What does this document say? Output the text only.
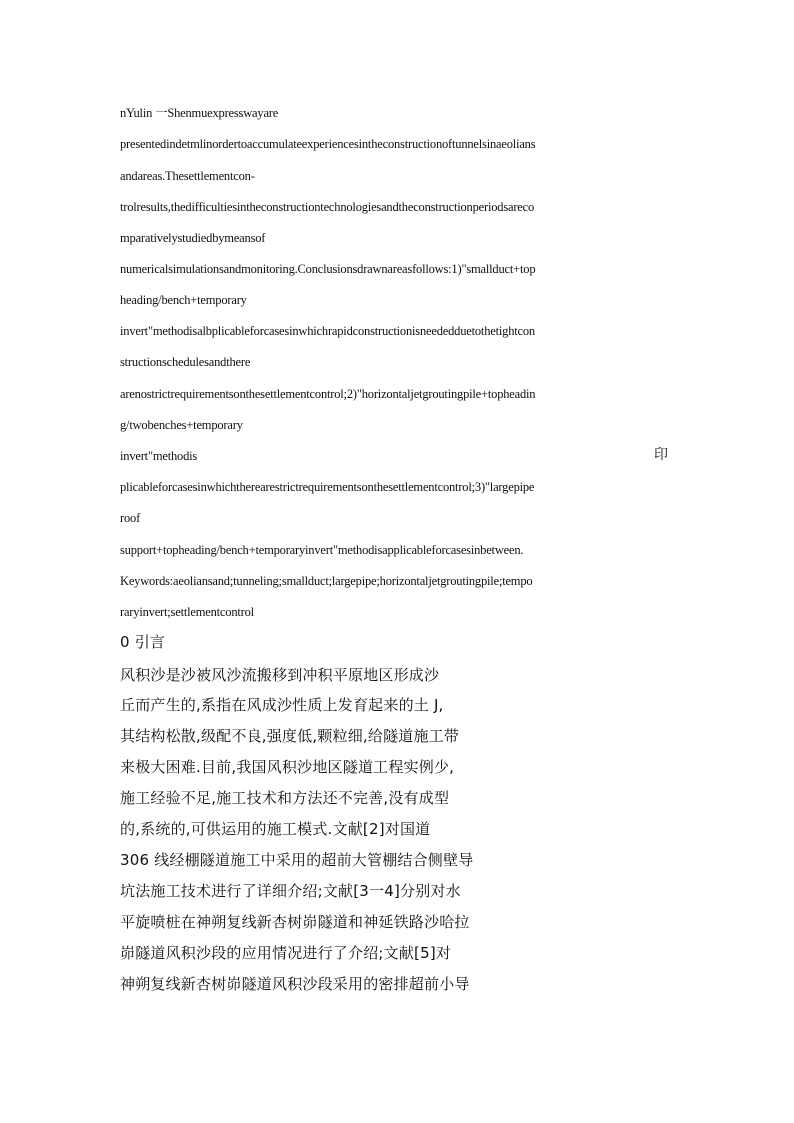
nYulin 一Shenmuexpresswayare
presentedindetmlinordertoaccumulateexperiencesintheconstructionoftunnelsinaeolians
andareas.Thesettlementcon-
trolresults,thedifficultiesintheconstructiontechnologiesandtheconstructionperiodsareco
mparativelystudiedbymeansof
numericalsimulationsandmonitoring.Conclusionsdrawnareasfollows:1)"smallduct+top
heading/bench+temporary
invert"methodisalbplicableforcasesinwhichrapidconstructionisneededduetothetightcon
structionschedulesandthere
arenostrictrequirementsonthesettlementcontrol;2)"horizontaljetgroutingpile+topheadin
g/twobenches+temporary
invert"methodis	印
plicableforcasesinwhichtherearestrictrequirementsonthesettlementcontrol;3)"largepipe
roof
support+topheading/bench+temporaryinvert"methodisapplicableforcasesinbetween.
Keywords:aeoliansand;tunneling;smallduct;largepipe;horizontaljetgroutingpile;tempo
raryinvert;settlementcontrol
0 引言
风积沙是沙被风沙流搬移到冲积平原地区形成沙
丘而产生的,系指在风成沙性质上发育起来的土 J,
其结构松散,级配不良,强度低,颗粒细,给隧道施工带
来极大困难.目前,我国风积沙地区隧道工程实例少,
施工经验不足,施工技术和方法还不完善,没有成型
的,系统的,可供运用的施工模式.文献[2]对国道
306 线经棚隧道施工中采用的超前大管棚结合侧壁导
坑法施工技术进行了详细介绍;文献[3一4]分别对水
平旋喷桩在神朔复线新杏树峁隧道和神延铁路沙哈拉
峁隧道风积沙段的应用情况进行了介绍;文献[5]对
神朔复线新杏树峁隧道风积沙段采用的密排超前小导
